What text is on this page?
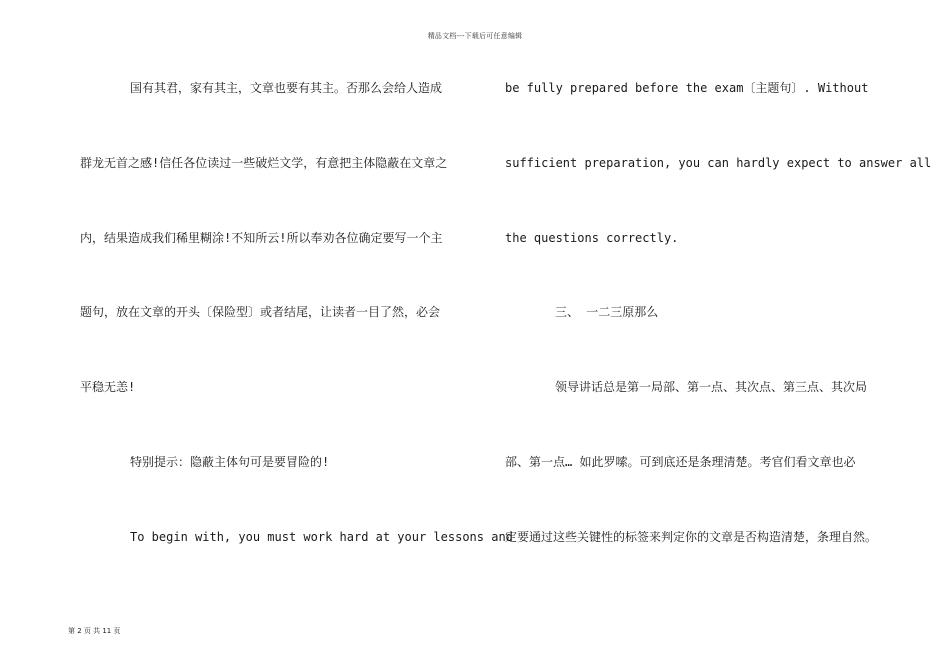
精品文档---下载后可任意编辑
国有其君，家有其主，文章也要有其主。否那么会给人造成
群龙无首之感!信任各位读过一些破烂文学，有意把主体隐蔽在文章之
内，结果造成我们稀里糊涂!不知所云!所以奉劝各位确定要写一个主
题句，放在文章的开头〔保险型〕或者结尾，让读者一目了然，必会
平稳无恙!
特别提示：隐蔽主体句可是要冒险的!
To begin with, you must work hard at your lessons and
be fully prepared before the exam〔主题句〕. Without
sufficient preparation, you can hardly expect to answer all
the questions correctly.
三、 一二三原那么
领导讲话总是第一局部、第一点、其次点、第三点、其次局
部、第一点… 如此罗嗦。可到底还是条理清楚。考官们看文章也必
定要通过这些关键性的标签来判定你的文章是否构造清楚，条理自然。
第 2 页 共 11 页
